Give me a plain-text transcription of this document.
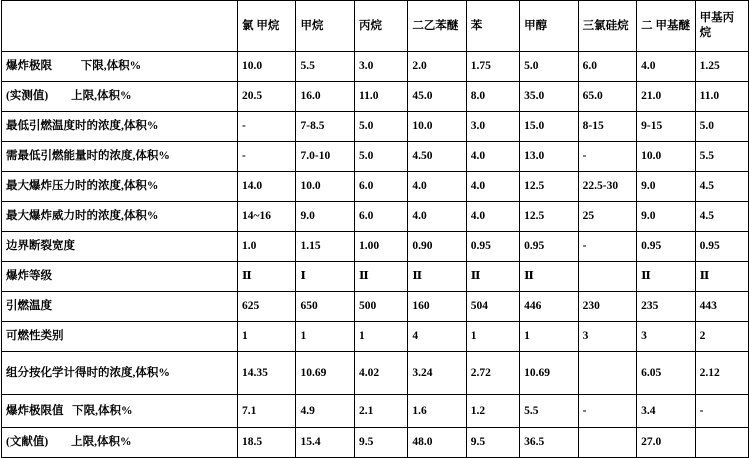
	氯 甲烷	甲烷	丙烷	二乙苯醚	苯	甲醇	三氯硅烷	二 甲基醚	甲基丙烷

爆炸极限          下限,体积%	10.0	5.5	3.0	2.0	1.75	5.0	6.0	4.0	1.25
(实测值)        上限,体积%	20.5	16.0	11.0	45.0	8.0	35.0	65.0	21.0	11.0
最低引燃温度时的浓度,体积%	-	7-8.5	5.0	10.0	3.0	15.0	8-15	9-15	5.0
需最低引燃能量时的浓度,体积%	-	7.0-10	5.0	4.50	4.0	13.0	-	10.0	5.5
最大爆炸压力时的浓度,体积%	14.0	10.0	6.0	4.0	4.0	12.5	22.5-30	9.0	4.5
最大爆炸威力时的浓度,体积%	14~16	9.0	6.0	4.0	4.0	12.5	25	9.0	4.5
边界断裂宽度	1.0	1.15	1.00	0.90	0.95	0.95	-	0.95	0.95
爆炸等级	Ⅱ	Ⅰ	Ⅱ	Ⅱ	Ⅱ	Ⅱ		Ⅱ	Ⅱ
引燃温度	625	650	500	160	504	446	230	235	443
可燃性类别	1	1	1	4	1	1	3	3	2
组分按化学计得时的浓度,体积%	14.35	10.69	4.02	3.24	2.72	10.69		6.05	2.12
爆炸极限值   下限,体积%	7.1	4.9	2.1	1.6	1.2	5.5	-	3.4	-
(文献值)        上限,体积%	18.5	15.4	9.5	48.0	9.5	36.5		27.0	
